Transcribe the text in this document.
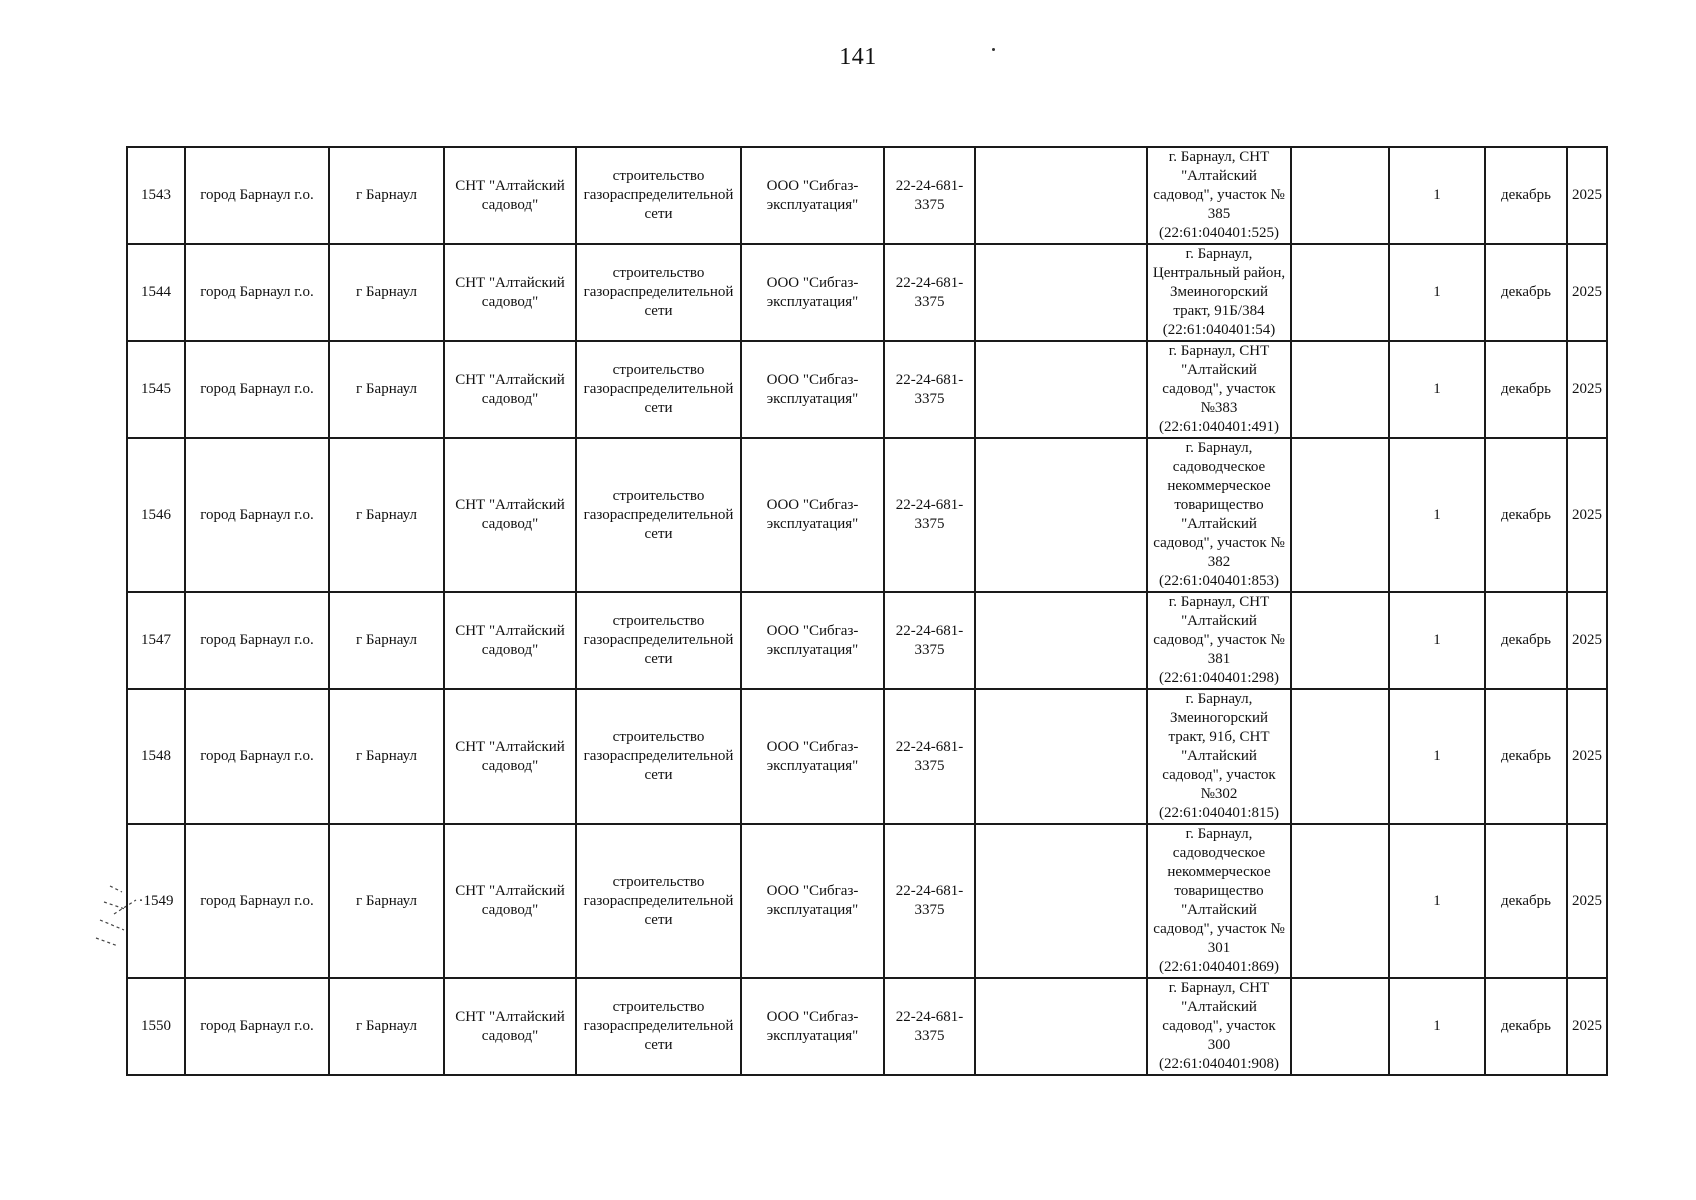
141
1543	город Барнаул г.о.	г Барнаул	СНТ "Алтайский садовод"	строительство газораспределительной сети	ООО "Сибгаз-эксплуатация"	22-24-681-3375		г. Барнаул, СНТ "Алтайский садовод", участок № 385 (22:61:040401:525)		1	декабрь	2025
1544	город Барнаул г.о.	г Барнаул	СНТ "Алтайский садовод"	строительство газораспределительной сети	ООО "Сибгаз-эксплуатация"	22-24-681-3375		г. Барнаул, Центральный район, Змеиногорский тракт, 91Б/384 (22:61:040401:54)		1	декабрь	2025
1545	город Барнаул г.о.	г Барнаул	СНТ "Алтайский садовод"	строительство газораспределительной сети	ООО "Сибгаз-эксплуатация"	22-24-681-3375		г. Барнаул, СНТ "Алтайский садовод", участок №383 (22:61:040401:491)		1	декабрь	2025
1546	город Барнаул г.о.	г Барнаул	СНТ "Алтайский садовод"	строительство газораспределительной сети	ООО "Сибгаз-эксплуатация"	22-24-681-3375		г. Барнаул, садоводческое некоммерческое товарищество "Алтайский садовод", участок № 382 (22:61:040401:853)		1	декабрь	2025
1547	город Барнаул г.о.	г Барнаул	СНТ "Алтайский садовод"	строительство газораспределительной сети	ООО "Сибгаз-эксплуатация"	22-24-681-3375		г. Барнаул, СНТ "Алтайский садовод", участок № 381 (22:61:040401:298)		1	декабрь	2025
1548	город Барнаул г.о.	г Барнаул	СНТ "Алтайский садовод"	строительство газораспределительной сети	ООО "Сибгаз-эксплуатация"	22-24-681-3375		г. Барнаул, Змеиногорский тракт, 91б, СНТ "Алтайский садовод", участок №302 (22:61:040401:815)		1	декабрь	2025
·1549	город Барнаул г.о.	г Барнаул	СНТ "Алтайский садовод"	строительство газораспределительной сети	ООО "Сибгаз-эксплуатация"	22-24-681-3375		г. Барнаул, садоводческое некоммерческое товарищество "Алтайский садовод", участок № 301 (22:61:040401:869)		1	декабрь	2025
1550	город Барнаул г.о.	г Барнаул	СНТ "Алтайский садовод"	строительство газораспределительной сети	ООО "Сибгаз-эксплуатация"	22-24-681-3375		г. Барнаул, СНТ "Алтайский садовод", участок 300 (22:61:040401:908)		1	декабрь	2025
